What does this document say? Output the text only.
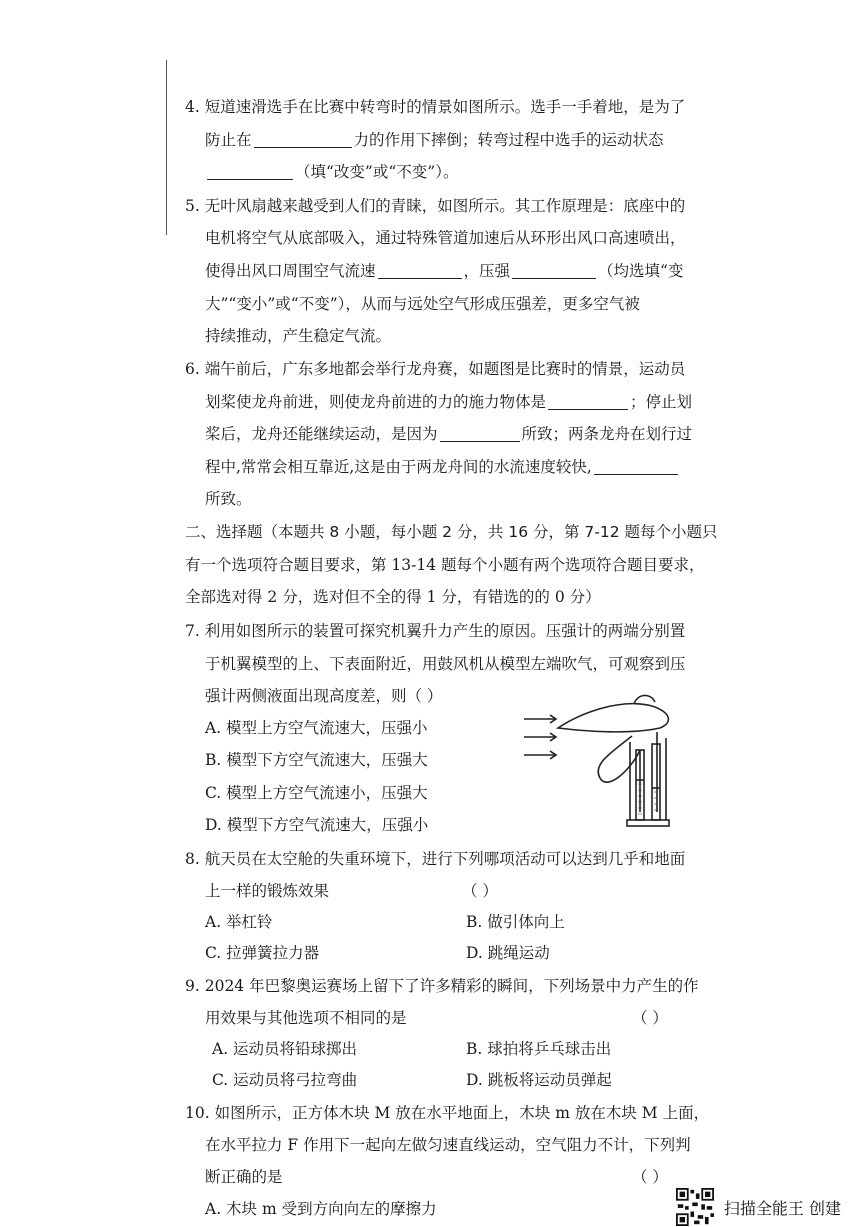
4. 短道速滑选手在比赛中转弯时的情景如图所示。选手一手着地，是为了
防止在	力的作用下摔倒；转弯过程中选手的运动状态
（填“改变”或“不变”）。
5. 无叶风扇越来越受到人们的青睐，如图所示。其工作原理是：底座中的
电机将空气从底部吸入，通过特殊管道加速后从环形出风口高速喷出，
使得出风口周围空气流速	，压强	（均选填“变
大”“变小”或“不变”），从而与远处空气形成压强差，更多空气被
持续推动，产生稳定气流。
6. 端午前后，广东多地都会举行龙舟赛，如题图是比赛时的情景，运动员
划桨使龙舟前进，则使龙舟前进的力的施力物体是	；停止划
桨后，龙舟还能继续运动，是因为	所致；两条龙舟在划行过
程中,常常会相互靠近,这是由于两龙舟间的水流速度较快,
所致。
二、选择题（本题共 8 小题，每小题 2 分，共 16 分，第 7-12 题每个小题只
有一个选项符合题目要求，第 13-14 题每个小题有两个选项符合题目要求，
全部选对得 2 分，选对但不全的得 1 分，有错选的的 0 分）
7. 利用如图所示的装置可探究机翼升力产生的原因。压强计的两端分别置
于机翼模型的上、下表面附近，用鼓风机从模型左端吹气，可观察到压
强计两侧液面出现高度差，则（ ）
A. 模型上方空气流速大，压强小
B. 模型下方空气流速大，压强大
C. 模型上方空气流速小，压强大
D. 模型下方空气流速大，压强小
8. 航天员在太空舱的失重环境下，进行下列哪项活动可以达到几乎和地面
上一样的锻炼效果	（ ）
A. 举杠铃	B. 做引体向上
C. 拉弹簧拉力器	D. 跳绳运动
9. 2024 年巴黎奥运赛场上留下了许多精彩的瞬间，下列场景中力产生的作
用效果与其他选项不相同的是	（ ）
A. 运动员将铅球掷出	B. 球拍将乒乓球击出
C. 运动员将弓拉弯曲	D. 跳板将运动员弹起
10. 如图所示，正方体木块 M 放在水平地面上，木块 m 放在木块 M 上面，
在水平拉力 F 作用下一起向左做匀速直线运动，空气阻力不计，下列判
断正确的是	（ ）
A. 木块 m 受到方向向左的摩擦力	扫描全能王 创建
